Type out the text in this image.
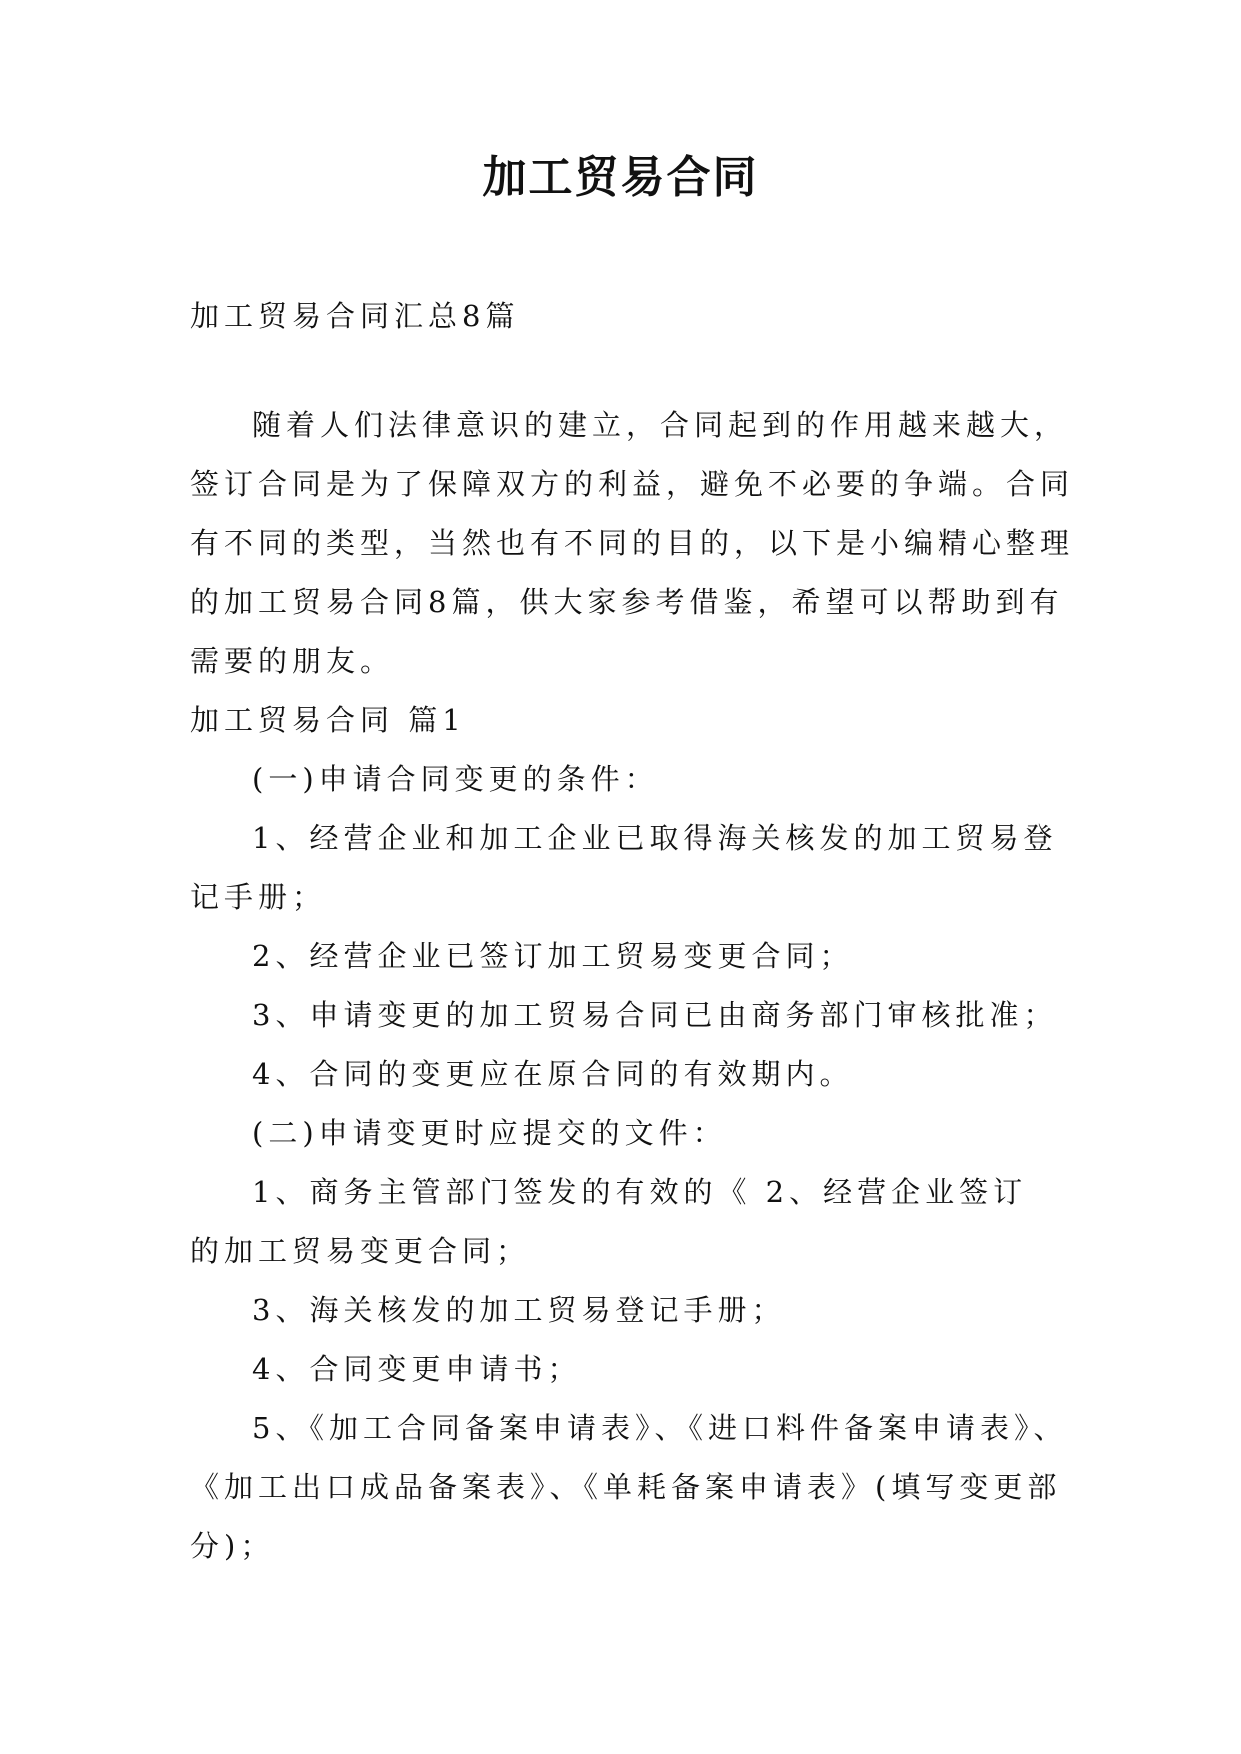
加工贸易合同

加工贸易合同汇总8篇

随着人们法律意识的建立，合同起到的作用越来越大，

签订合同是为了保障双方的利益，避免不必要的争端。合同

有不同的类型，当然也有不同的目的，以下是小编精心整理

的加工贸易合同8篇，供大家参考借鉴，希望可以帮助到有

需要的朋友。

加工贸易合同 篇1

(一)申请合同变更的条件：

1、经营企业和加工企业已取得海关核发的加工贸易登

记手册；

2、经营企业已签订加工贸易变更合同；

3、申请变更的加工贸易合同已由商务部门审核批准；

4、合同的变更应在原合同的有效期内。

(二)申请变更时应提交的文件：

1、商务主管部门签发的有效的《 2、经营企业签订

的加工贸易变更合同；

3、海关核发的加工贸易登记手册；

4、合同变更申请书；

5、《加工合同备案申请表》、《进口料件备案申请表》、

《加工出口成品备案表》、《单耗备案申请表》(填写变更部

分)；
